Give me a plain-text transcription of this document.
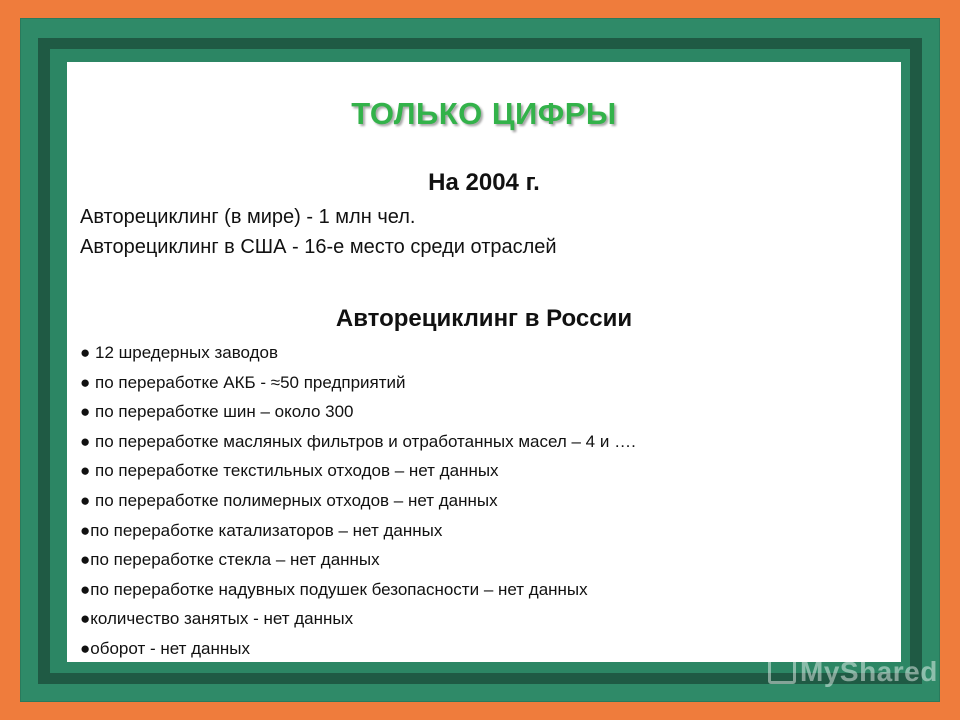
ТОЛЬКО ЦИФРЫ
На 2004 г.
Авторециклинг (в мире) - 1 млн чел.
Авторециклинг в США - 16-е место среди отраслей
Авторециклинг в России
● 12 шредерных заводов
● по переработке АКБ - ≈50 предприятий
● по переработке шин – около 300
● по переработке масляных фильтров и отработанных масел – 4 и ….
● по переработке текстильных отходов – нет данных
● по переработке полимерных отходов – нет данных
●по переработке катализаторов – нет данных
●по переработке стекла – нет данных
●по переработке надувных подушек безопасности – нет данных
●количество занятых - нет данных
●оборот - нет данных
MyShared
